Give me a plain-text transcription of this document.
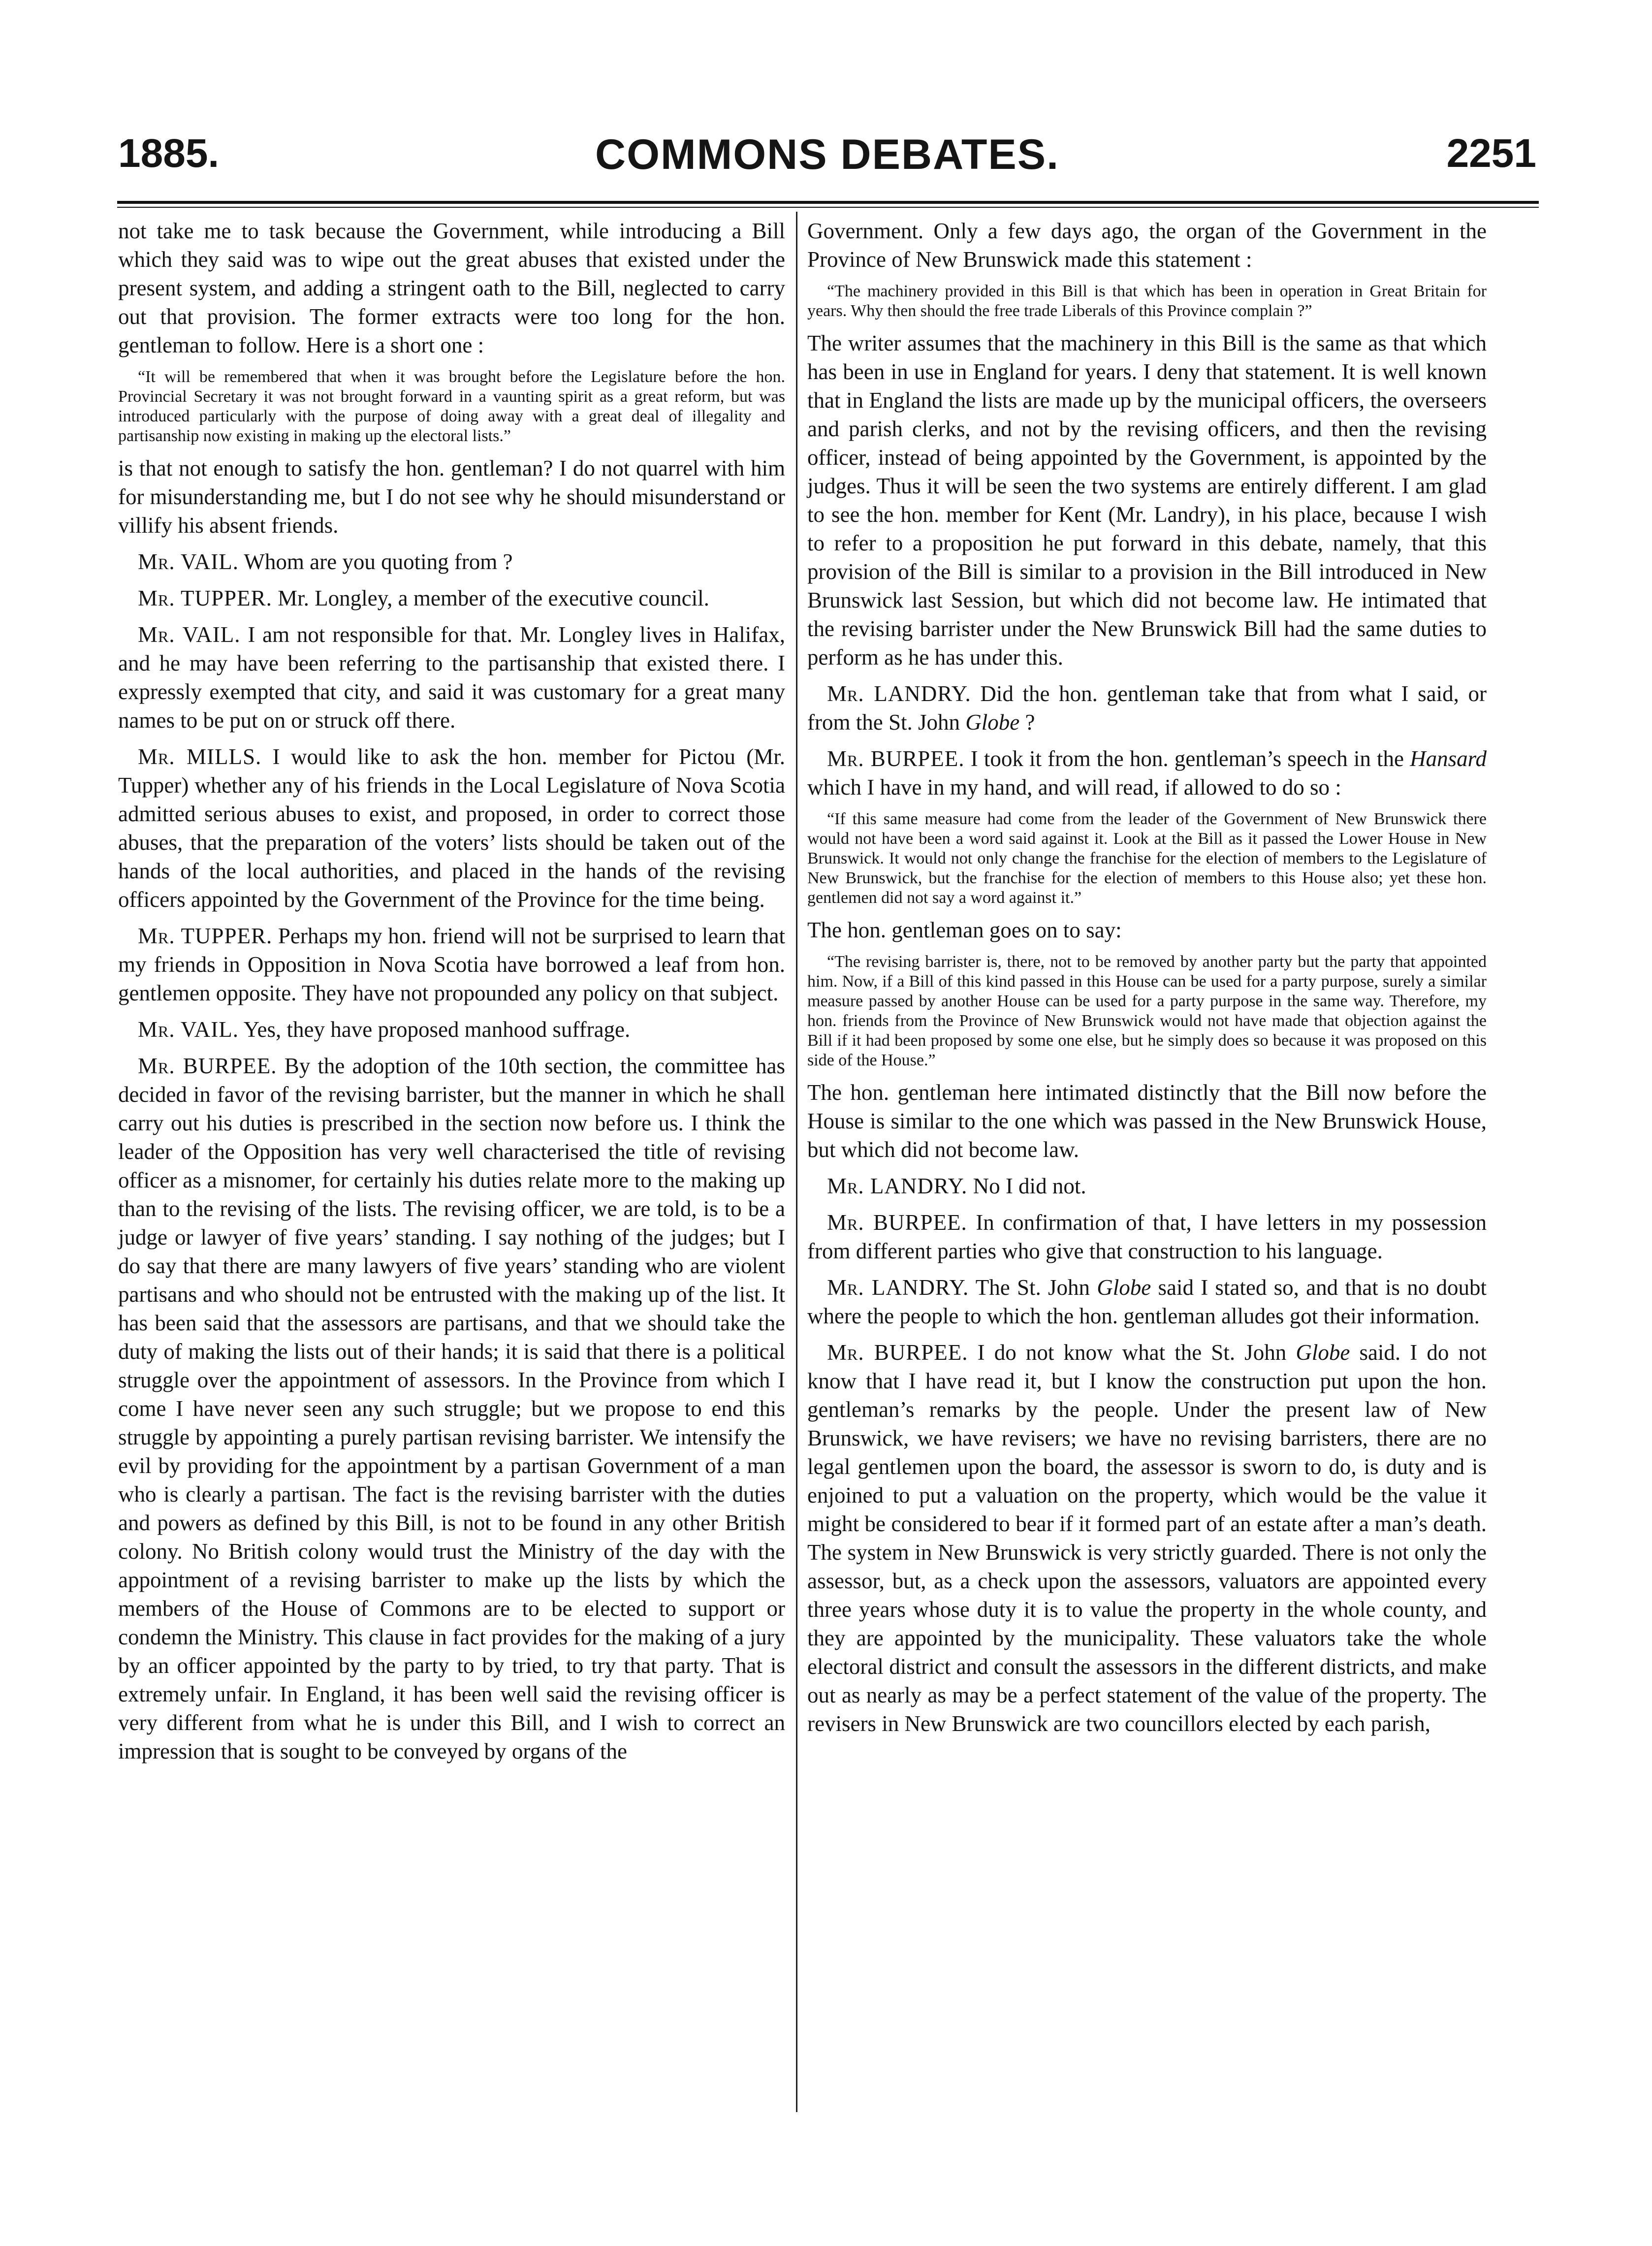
1885.	COMMONS DEBATES.	2251

not take me to task because the Government, while introducing a Bill which they said was to wipe out the great abuses that existed under the present system, and adding a stringent oath to the Bill, neglected to carry out that provision. The former extracts were too long for the hon. gentleman to follow. Here is a short one :

“It will be remembered that when it was brought before the Legislature before the hon. Provincial Secretary it was not brought forward in a vaunting spirit as a great reform, but was introduced particularly with the purpose of doing away with a great deal of illegality and partisanship now existing in making up the electoral lists.”

is that not enough to satisfy the hon. gentleman? I do not quarrel with him for misunderstanding me, but I do not see why he should misunderstand or villify his absent friends.

Mr. VAIL. Whom are you quoting from ?

Mr. TUPPER. Mr. Longley, a member of the executive council.

Mr. VAIL. I am not responsible for that. Mr. Longley lives in Halifax, and he may have been referring to the partisanship that existed there. I expressly exempted that city, and said it was customary for a great many names to be put on or struck off there.

Mr. MILLS. I would like to ask the hon. member for Pictou (Mr. Tupper) whether any of his friends in the Local Legislature of Nova Scotia admitted serious abuses to exist, and proposed, in order to correct those abuses, that the preparation of the voters’ lists should be taken out of the hands of the local authorities, and placed in the hands of the revising officers appointed by the Government of the Province for the time being.

Mr. TUPPER. Perhaps my hon. friend will not be surprised to learn that my friends in Opposition in Nova Scotia have borrowed a leaf from hon. gentlemen opposite. They have not propounded any policy on that subject.

Mr. VAIL. Yes, they have proposed manhood suffrage.

Mr. BURPEE. By the adoption of the 10th section, the committee has decided in favor of the revising barrister, but the manner in which he shall carry out his duties is prescribed in the section now before us. I think the leader of the Opposition has very well characterised the title of revising officer as a misnomer, for certainly his duties relate more to the making up than to the revising of the lists. The revising officer, we are told, is to be a judge or lawyer of five years’ standing. I say nothing of the judges; but I do say that there are many lawyers of five years’ standing who are violent partisans and who should not be entrusted with the making up of the list. It has been said that the assessors are partisans, and that we should take the duty of making the lists out of their hands; it is said that there is a political struggle over the appointment of assessors. In the Province from which I come I have never seen any such struggle; but we propose to end this struggle by appointing a purely partisan revising barrister. We intensify the evil by providing for the appointment by a partisan Government of a man who is clearly a partisan. The fact is the revising barrister with the duties and powers as defined by this Bill, is not to be found in any other British colony. No British colony would trust the Ministry of the day with the appointment of a revising barrister to make up the lists by which the members of the House of Commons are to be elected to support or condemn the Ministry. This clause in fact provides for the making of a jury by an officer appointed by the party to by tried, to try that party. That is extremely unfair. In England, it has been well said the revising officer is very different from what he is under this Bill, and I wish to correct an impression that is sought to be conveyed by organs of the

Government. Only a few days ago, the organ of the Government in the Province of New Brunswick made this statement :

“The machinery provided in this Bill is that which has been in operation in Great Britain for years. Why then should the free trade Liberals of this Province complain ?”

The writer assumes that the machinery in this Bill is the same as that which has been in use in England for years. I deny that statement. It is well known that in England the lists are made up by the municipal officers, the overseers and parish clerks, and not by the revising officers, and then the revising officer, instead of being appointed by the Government, is appointed by the judges. Thus it will be seen the two systems are entirely different. I am glad to see the hon. member for Kent (Mr. Landry), in his place, because I wish to refer to a proposition he put forward in this debate, namely, that this provision of the Bill is similar to a provision in the Bill introduced in New Brunswick last Session, but which did not become law. He intimated that the revising barrister under the New Brunswick Bill had the same duties to perform as he has under this.

Mr. LANDRY. Did the hon. gentleman take that from what I said, or from the St. John Globe ?

Mr. BURPEE. I took it from the hon. gentleman’s speech in the Hansard which I have in my hand, and will read, if allowed to do so :

“If this same measure had come from the leader of the Government of New Brunswick there would not have been a word said against it. Look at the Bill as it passed the Lower House in New Brunswick. It would not only change the franchise for the election of members to the Legislature of New Brunswick, but the franchise for the election of members to this House also; yet these hon. gentlemen did not say a word against it.”

The hon. gentleman goes on to say:

“The revising barrister is, there, not to be removed by another party but the party that appointed him. Now, if a Bill of this kind passed in this House can be used for a party purpose, surely a similar measure passed by another House can be used for a party purpose in the same way. Therefore, my hon. friends from the Province of New Brunswick would not have made that objection against the Bill if it had been proposed by some one else, but he simply does so because it was proposed on this side of the House.”

The hon. gentleman here intimated distinctly that the Bill now before the House is similar to the one which was passed in the New Brunswick House, but which did not become law.

Mr. LANDRY. No I did not.

Mr. BURPEE. In confirmation of that, I have letters in my possession from different parties who give that construction to his language.

Mr. LANDRY. The St. John Globe said I stated so, and that is no doubt where the people to which the hon. gentleman alludes got their information.

Mr. BURPEE. I do not know what the St. John Globe said. I do not know that I have read it, but I know the construction put upon the hon. gentleman’s remarks by the people. Under the present law of New Brunswick, we have revisers; we have no revising barristers, there are no legal gentlemen upon the board, the assessor is sworn to do, is duty and is enjoined to put a valuation on the property, which would be the value it might be considered to bear if it formed part of an estate after a man’s death. The system in New Brunswick is very strictly guarded. There is not only the assessor, but, as a check upon the assessors, valuators are appointed every three years whose duty it is to value the property in the whole county, and they are appointed by the municipality. These valuators take the whole electoral district and consult the assessors in the different districts, and make out as nearly as may be a perfect statement of the value of the property. The revisers in New Brunswick are two councillors elected by each parish,
